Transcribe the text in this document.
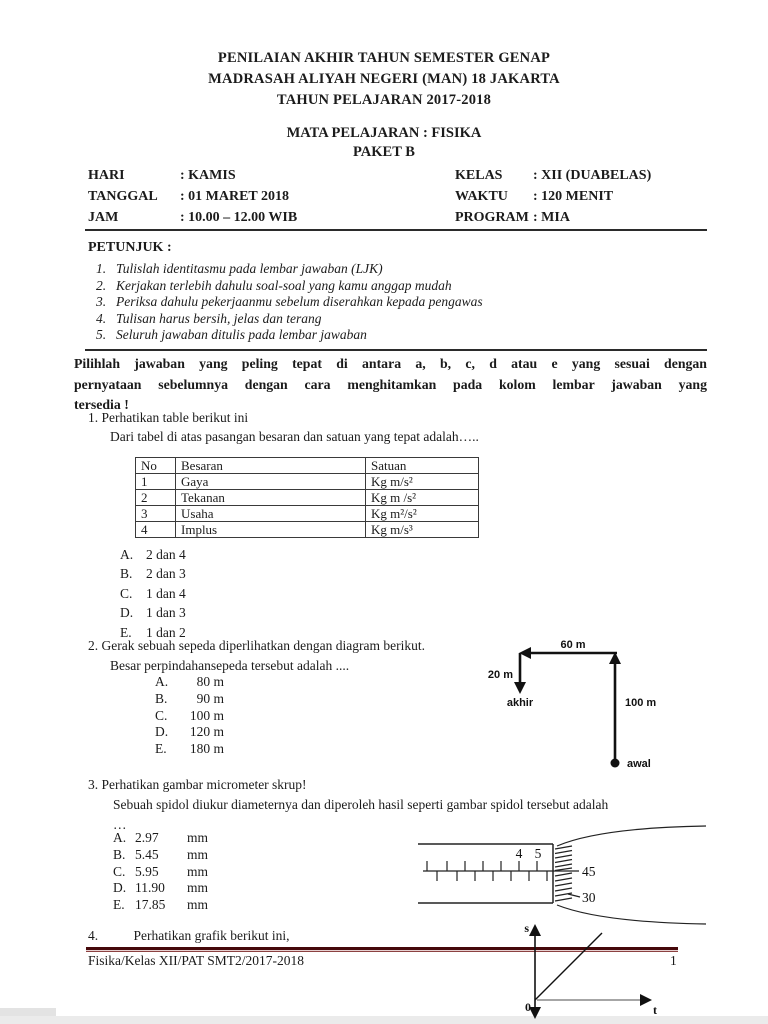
PENILAIAN AKHIR TAHUN SEMESTER GENAP
MADRASAH ALIYAH NEGERI (MAN) 18 JAKARTA
TAHUN PELAJARAN 2017-2018
MATA PELAJARAN : FISIKA
PAKET B
HARI	: KAMIS	KELAS	: XII (DUABELAS)
TANGGAL	: 01 MARET 2018	WAKTU	: 120 MENIT
JAM	: 10.00 – 12.00 WIB	PROGRAM : MIA
PETUNJUK :
1. Tulislah identitasmu pada lembar jawaban (LJK)
2. Kerjakan terlebih dahulu soal-soal yang kamu anggap mudah
3. Periksa dahulu pekerjaanmu sebelum diserahkan kepada pengawas
4. Tulisan harus bersih, jelas dan terang
5. Seluruh jawaban ditulis pada lembar jawaban
Pilihlah jawaban yang peling tepat di antara a, b, c, d atau e yang sesuai dengan
pernyataan sebelumnya dengan cara menghitamkan pada kolom lembar jawaban yang
tersedia !
1. Perhatikan table berikut ini
Dari tabel di atas pasangan besaran dan satuan yang tepat adalah…..
No	Besaran	Satuan
1	Gaya	Kg m/s²
2	Tekanan	Kg m /s²
3	Usaha	Kg m²/s²
4	Implus	Kg m/s³
A. 2 dan 4
B. 2 dan 3
C. 1 dan 4
D. 1 dan 3
E. 1 dan 2
2. Gerak sebuah sepeda diperlihatkan dengan diagram berikut.
Besar perpindahansepeda tersebut adalah ....
A. 80 m
B. 90 m
C. 100 m
D. 120 m
E. 180 m
60 m
20 m
akhir	100 m
awal
3. Perhatikan gambar micrometer skrup!
Sebuah spidol diukur diameternya dan diperoleh hasil seperti gambar spidol tersebut adalah
…
A. 2.97 mm
B. 5.45 mm
C. 5.95 mm
D. 11.90 mm
E. 17.85 mm
4 5
45
30
4.	Perhatikan grafik berikut ini,
Fisika/Kelas XII/PAT SMT2/2017-2018	1
s
t
0
